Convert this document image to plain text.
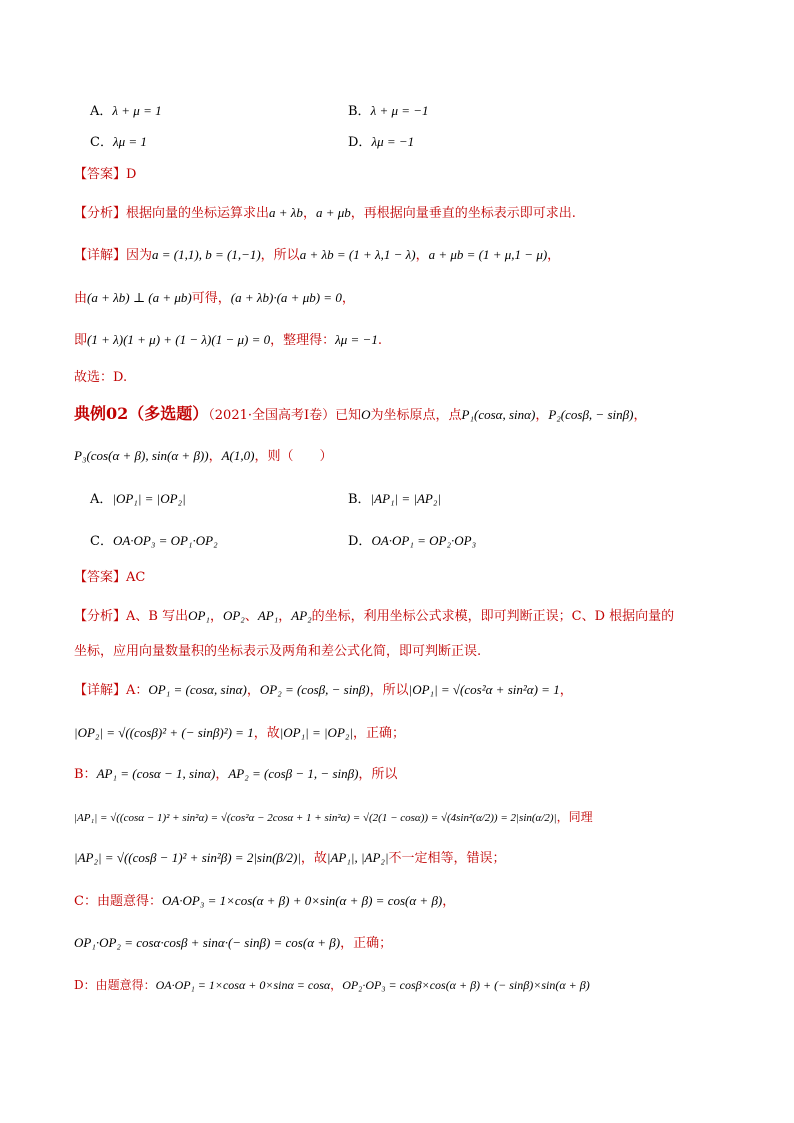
A．λ + μ = 1	B．λ + μ = −1
C．λμ = 1	D．λμ = −1
【答案】D
【分析】根据向量的坐标运算求出a + λb，a + μb，再根据向量垂直的坐标表示即可求出.
【详解】因为a = (1,1), b = (1,−1)，所以a + λb = (1 + λ,1 − λ)，a + μb = (1 + μ,1 − μ)，
由(a + λb) ⊥ (a + μb)可得，(a + λb)·(a + μb) = 0，
即(1 + λ)(1 + μ) + (1 − λ)(1 − μ) = 0，整理得：λμ = −1.
故选：D.
典例02（多选题）（2021·全国高考Ⅰ卷）已知O为坐标原点，点P₁(cosα, sinα)，P₂(cosβ, − sinβ)，
P₃(cos(α + β), sin(α + β))，A(1,0)，则（　　）
A．|OP₁| = |OP₂|	B．|AP₁| = |AP₂|
C．OA·OP₃ = OP₁·OP₂	D．OA·OP₁ = OP₂·OP₃
【答案】AC
【分析】A、B 写出OP₁，OP₂、AP₁，AP₂的坐标，利用坐标公式求模，即可判断正误；C、D 根据向量的
坐标，应用向量数量积的坐标表示及两角和差公式化简，即可判断正误.
【详解】A：OP₁ = (cosα, sinα)，OP₂ = (cosβ, − sinβ)，所以|OP₁| = √(cos²α + sin²α) = 1，
|OP₂| = √((cosβ)² + (− sinβ)²) = 1，故|OP₁| = |OP₂|，正确；
B：AP₁ = (cosα − 1, sinα)，AP₂ = (cosβ − 1, − sinβ)，所以
|AP₁| = √((cosα − 1)² + sin²α) = √(cos²α − 2cosα + 1 + sin²α) = √(2(1 − cosα)) = √(4sin²(α/2)) = 2|sin(α/2)|，同理
|AP₂| = √((cosβ − 1)² + sin²β) = 2|sin(β/2)|，故|AP₁|, |AP₂|不一定相等，错误；
C：由题意得：OA·OP₃ = 1×cos(α + β) + 0×sin(α + β) = cos(α + β)，
OP₁·OP₂ = cosα·cosβ + sinα·(− sinβ) = cos(α + β)，正确；
D：由题意得：OA·OP₁ = 1×cosα + 0×sinα = cosα，OP₂·OP₃ = cosβ×cos(α + β) + (− sinβ)×sin(α + β)
